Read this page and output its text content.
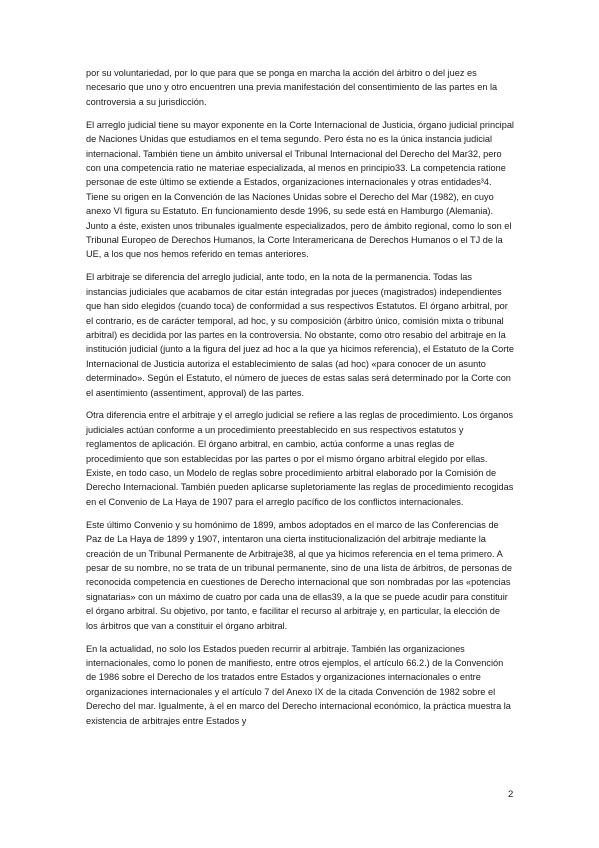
por su voluntariedad, por lo que para que se ponga en marcha la acción del árbitro o del juez es necesario que uno y otro encuentren una previa manifestación del consentimiento de las partes en la controversia a su jurisdicción.

El arreglo judicial tiene su mayor exponente en la Corte Internacional de Justicia, órgano judicial principal de Naciones Unidas que estudiamos en el tema segundo. Pero ésta no es la única instancia judicial internacional. También tiene un ámbito universal el Tribunal Internacional del Derecho del Mar32, pero con una competencia ratio ne materiae especializada, al menos en principio33. La competencia ratione personae de este último se extiende a Estados, organizaciones internacionales y otras entidades³4. Tiene su origen en la Convención de las Naciones Unidas sobre el Derecho del Mar (1982), en cuyo anexo VI figura su Estatuto. En funcionamiento desde 1996, su sede está en Hamburgo (Alemania). Junto a éste, existen unos tribunales igualmente especializados, pero de ámbito regional, como lo son el Tribunal Europeo de Derechos Humanos, la Corte Interamericana de Derechos Humanos o el TJ de la UE, a los que nos hemos referido en temas anteriores.

El arbitraje se diferencia del arreglo judicial, ante todo, en la nota de la permanencia. Todas las instancias judiciales que acabamos de citar están integradas por jueces (magistrados) independientes que han sido elegidos (cuando toca) de conformidad a sus respectivos Estatutos. El órgano arbitral, por el contrario, es de carácter temporal, ad hoc, y su composición (árbitro único, comisión mixta o tribunal arbitral) es decidida por las partes en la controversia. No obstante, como otro resabio del arbitraje en la institución judicial (junto a la figura del juez ad hoc a la que ya hicimos referencia), el Estatuto de la Corte Internacional de Justicia autoriza el establecimiento de salas (ad hoc) «para conocer de un asunto determinado». Según el Estatuto, el número de jueces de estas salas será determinado por la Corte con el asentimiento (assentiment, approval) de las partes.

Otra diferencia entre el arbitraje y el arreglo judicial se refiere a las reglas de procedimiento. Los órganos judiciales actúan conforme a un procedimiento preestablecido en sus respectivos estatutos y reglamentos de aplicación. El órgano arbitral, en cambio, actúa conforme a unas reglas de procedimiento que son establecidas por las partes o por el mismo órgano arbitral elegido por ellas. Existe, en todo caso, un Modelo de reglas sobre procedimiento arbitral elaborado por la Comisión de Derecho Internacional. También pueden aplicarse supletoriamente las reglas de procedimiento recogidas en el Convenio de La Haya de 1907 para el arreglo pacífico de los conflictos internacionales.

Este último Convenio y su homónimo de 1899, ambos adoptados en el marco de las Conferencias de Paz de La Haya de 1899 y 1907, intentaron una cierta institucionalización del arbitraje mediante la creación de un Tribunal Permanente de Arbitraje38, al que ya hicimos referencia en el tema primero. A pesar de su nombre, no se trata de un tribunal permanente, sino de una lista de árbitros, de personas de reconocida competencia en cuestiones de Derecho internacional que son nombradas por las «potencias signatarias» con un máximo de cuatro por cada una de ellas39, a la que se puede acudir para constituir el órgano arbitral. Su objetivo, por tanto, e facilitar el recurso al arbitraje y, en particular, la elección de los árbitros que van a constituir el órgano arbitral.

En la actualidad, no solo los Estados pueden recurrir al arbitraje. También las organizaciones internacionales, como lo ponen de manifiesto, entre otros ejemplos, el artículo 66.2.) de la Convención de 1986 sobre el Derecho de los tratados entre Estados y organizaciones internacionales o entre organizaciones internacionales y el artículo 7 del Anexo IX de la citada Convención de 1982 sobre el Derecho del mar. Igualmente, à el en marco del Derecho internacional económico, la práctica muestra la existencia de arbitrajes entre Estados y

2
